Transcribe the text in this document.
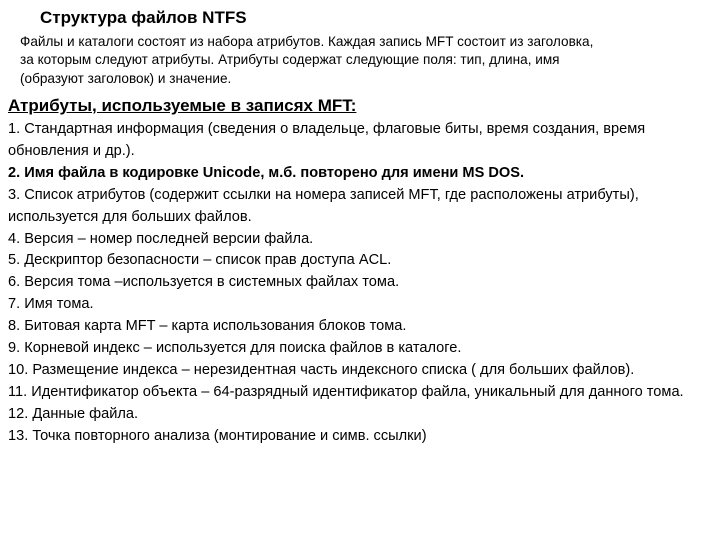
Структура файлов NTFS
Файлы и каталоги состоят из набора атрибутов. Каждая запись MFT состоит из заголовка,
за которым следуют атрибуты. Атрибуты содержат следующие поля: тип, длина, имя
(образуют заголовок) и значение.
Атрибуты, используемые в записях MFT:
1. Стандартная информация (сведения о владельце, флаговые биты, время создания, время обновления и др.).
2. Имя файла в кодировке Unicode, м.б. повторено для имени MS DOS.
3. Список атрибутов (содержит ссылки на номера записей MFT, где расположены атрибуты), используется для больших файлов.
4. Версия – номер последней версии файла.
5. Дескриптор безопасности – список прав доступа ACL.
6. Версия тома –используется в системных файлах тома.
7. Имя тома.
8. Битовая карта MFT – карта использования блоков тома.
9. Корневой индекс – используется для поиска файлов в каталоге.
10. Размещение индекса – нерезидентная часть индексного списка ( для больших файлов).
11. Идентификатор объекта – 64-разрядный идентификатор файла, уникальный для данного тома.
12. Данные файла.
13. Точка повторного анализа (монтирование и симв. ссылки)
